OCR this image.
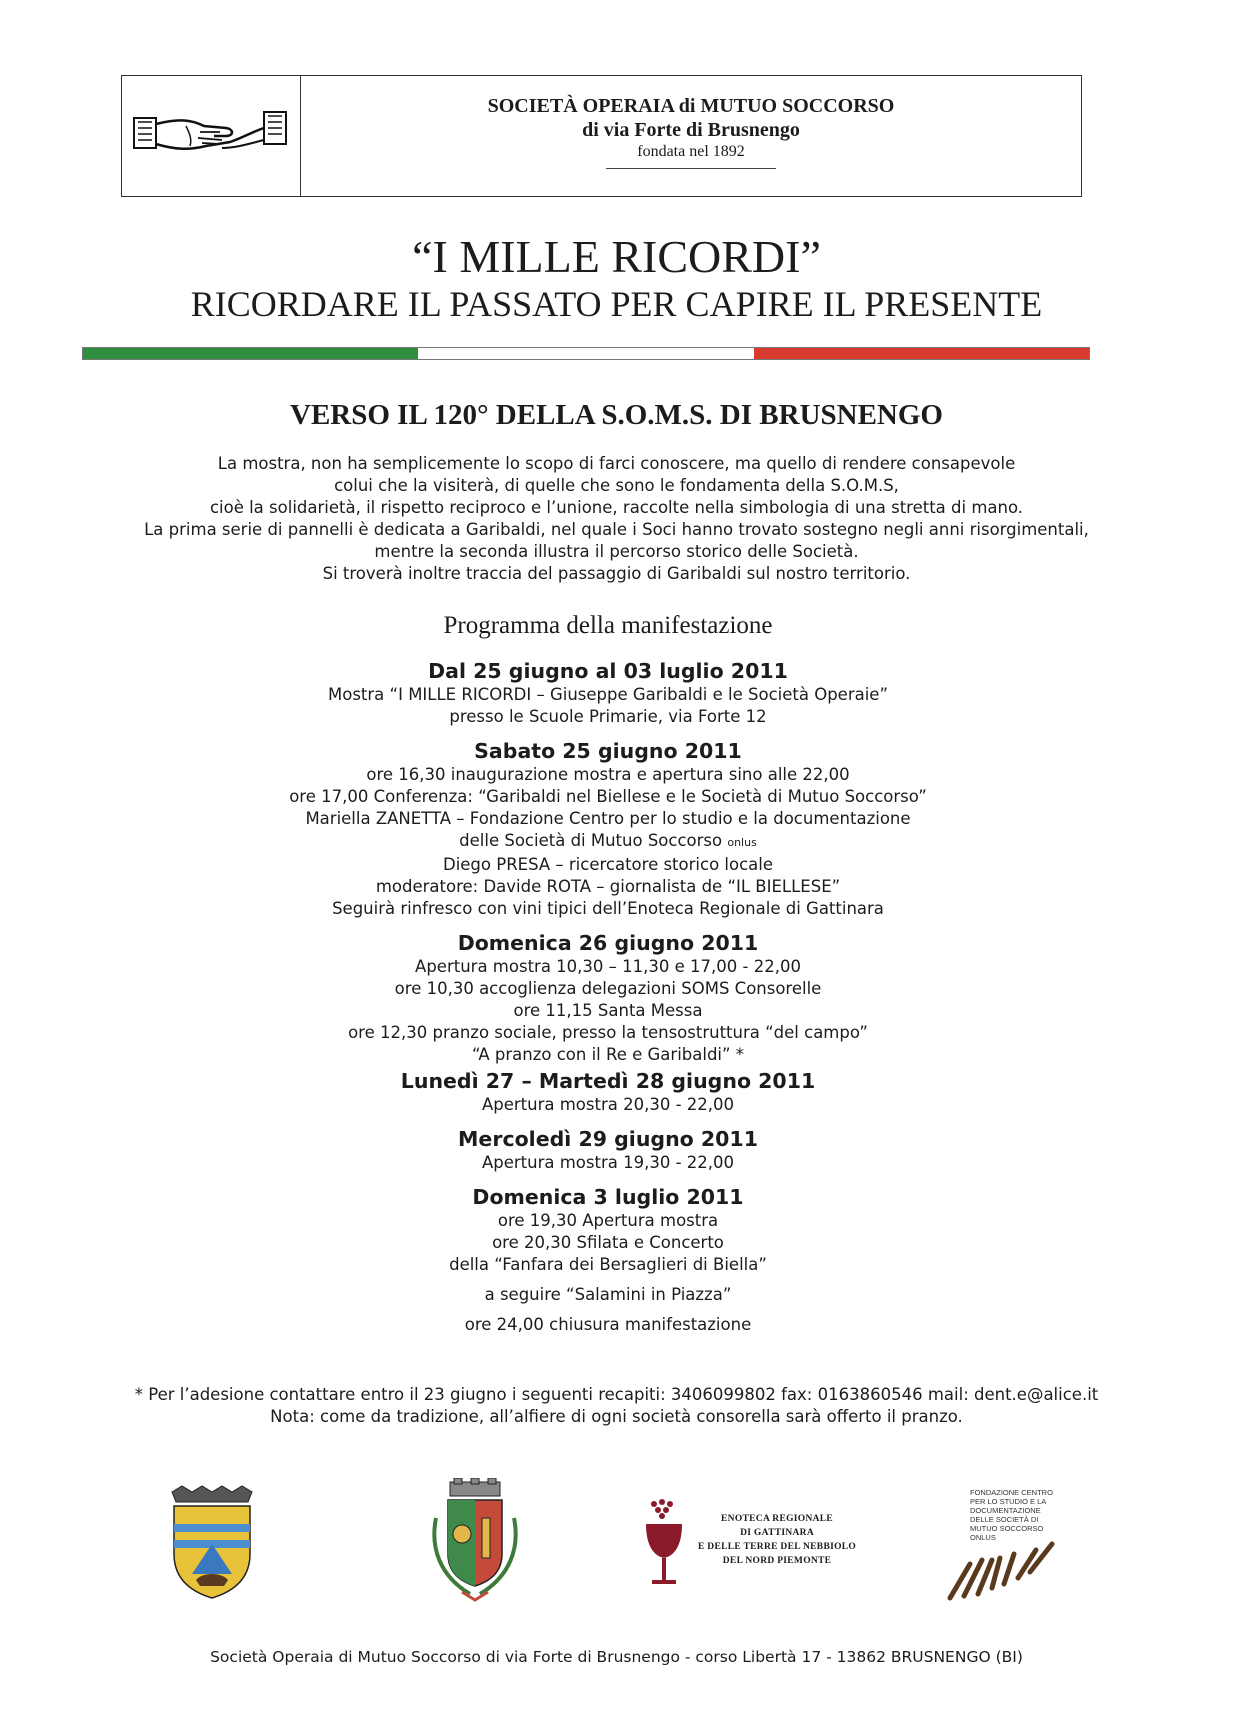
SOCIETÀ OPERAIA di MUTUO SOCCORSO
di via Forte di Brusnengo
fondata nel 1892
“I MILLE RICORDI”
RICORDARE IL PASSATO PER CAPIRE IL PRESENTE
VERSO IL 120° DELLA S.O.M.S. DI BRUSNENGO
La mostra, non ha semplicemente lo scopo di farci conoscere, ma quello di rendere consapevole
colui che la visiterà, di quelle che sono le fondamenta della S.O.M.S,
cioè la solidarietà, il rispetto reciproco e l’unione, raccolte nella simbologia di una stretta di mano.
La prima serie di pannelli è dedicata a Garibaldi, nel quale i Soci hanno trovato sostegno negli anni risorgimentali,
mentre la seconda illustra il percorso storico delle Società.
Si troverà inoltre traccia del passaggio di Garibaldi sul nostro territorio.
Programma della manifestazione
Dal 25 giugno al 03 luglio 2011
Mostra “I MILLE RICORDI – Giuseppe Garibaldi e le Società Operaie”
presso le Scuole Primarie, via Forte 12
Sabato 25 giugno 2011
ore 16,30 inaugurazione mostra e apertura sino alle 22,00
ore 17,00 Conferenza: “Garibaldi nel Biellese e le Società di Mutuo Soccorso”
Mariella ZANETTA – Fondazione Centro per lo studio e la documentazione
delle Società di Mutuo Soccorso onlus
Diego PRESA – ricercatore storico locale
moderatore: Davide ROTA – giornalista de “IL BIELLESE”
Seguirà rinfresco con vini tipici dell’Enoteca Regionale di Gattinara
Domenica 26 giugno 2011
Apertura mostra 10,30 – 11,30 e 17,00 - 22,00
ore 10,30 accoglienza delegazioni SOMS Consorelle
ore 11,15 Santa Messa
ore 12,30 pranzo sociale, presso la tensostruttura “del campo”
“A pranzo con il Re e Garibaldi” *
Lunedì 27 – Martedì 28 giugno 2011
Apertura mostra 20,30 - 22,00
Mercoledì 29 giugno 2011
Apertura mostra 19,30 - 22,00
Domenica 3 luglio 2011
ore 19,30 Apertura mostra
ore 20,30 Sfilata e Concerto
della “Fanfara dei Bersaglieri di Biella”
a seguire “Salamini in Piazza”
ore 24,00 chiusura manifestazione
* Per l’adesione contattare entro il 23 giugno i seguenti recapiti: 3406099802 fax: 0163860546 mail: dent.e@alice.it
Nota: come da tradizione, all’alfiere di ogni società consorella sarà offerto il pranzo.
ENOTECA REGIONALE
DI GATTINARA
E DELLE TERRE DEL NEBBIOLO
DEL NORD PIEMONTE
FONDAZIONE CENTRO PER LO STUDIO E LA DOCUMENTAZIONE DELLE SOCIETÀ DI MUTUO SOCCORSO ONLUS
Società Operaia di Mutuo Soccorso di via Forte di Brusnengo - corso Libertà 17 - 13862 BRUSNENGO (BI)
